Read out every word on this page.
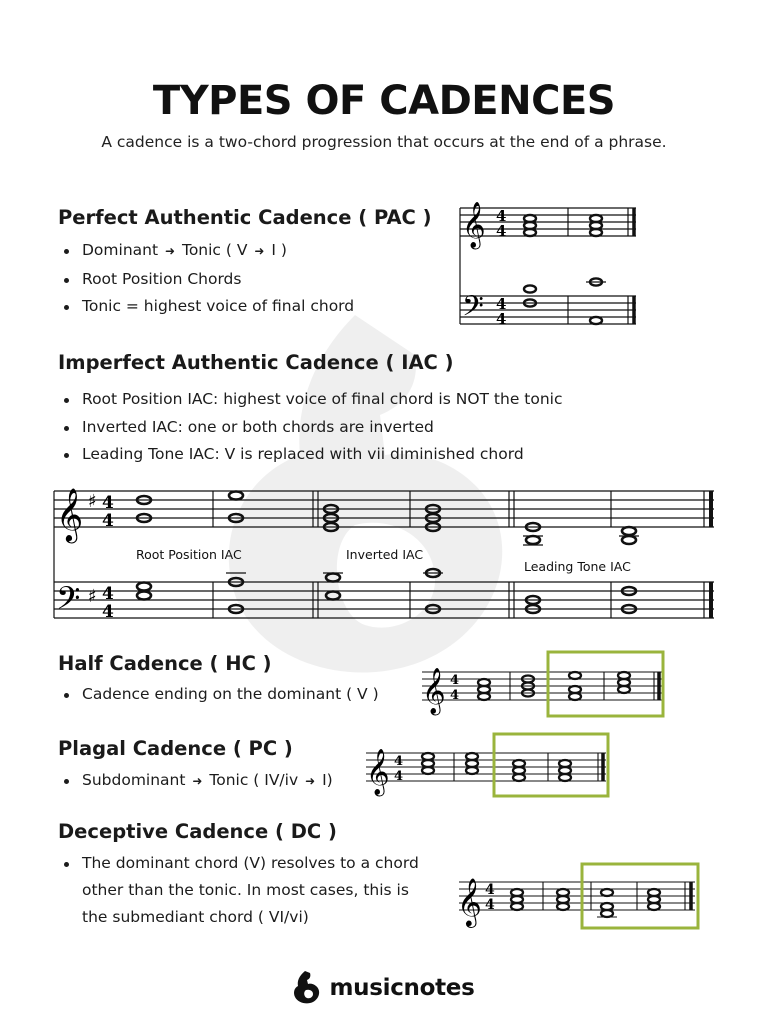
TYPES OF CADENCES
A cadence is a two-chord progression that occurs at the end of a phrase.
Perfect Authentic Cadence ( PAC )
Dominant ➜ Tonic ( V ➜ I )
Root Position Chords
Tonic = highest voice of final chord
𝄞
𝄢
4
4
4
4
Imperfect Authentic Cadence ( IAC )
Root Position IAC: highest voice of final chord is NOT the tonic
Inverted IAC: one or both chords are inverted
Leading Tone IAC: V is replaced with vii diminished chord
𝄞
𝄢
♯
♯
4
4
4
4
Root Position IAC	Inverted IAC
Leading Tone IAC
Half Cadence ( HC )
Cadence ending on the dominant ( V ) 𝄞 4
4
Plagal Cadence ( PC )
Subdominant ➜ Tonic ( IV/iv ➜ I) 𝄞 4
4
Deceptive Cadence ( DC )
The dominant chord (V) resolves to a chord other than the tonic. In most cases, this is the submediant chord ( VI/vi)	𝄞 4
4
musicnotes
